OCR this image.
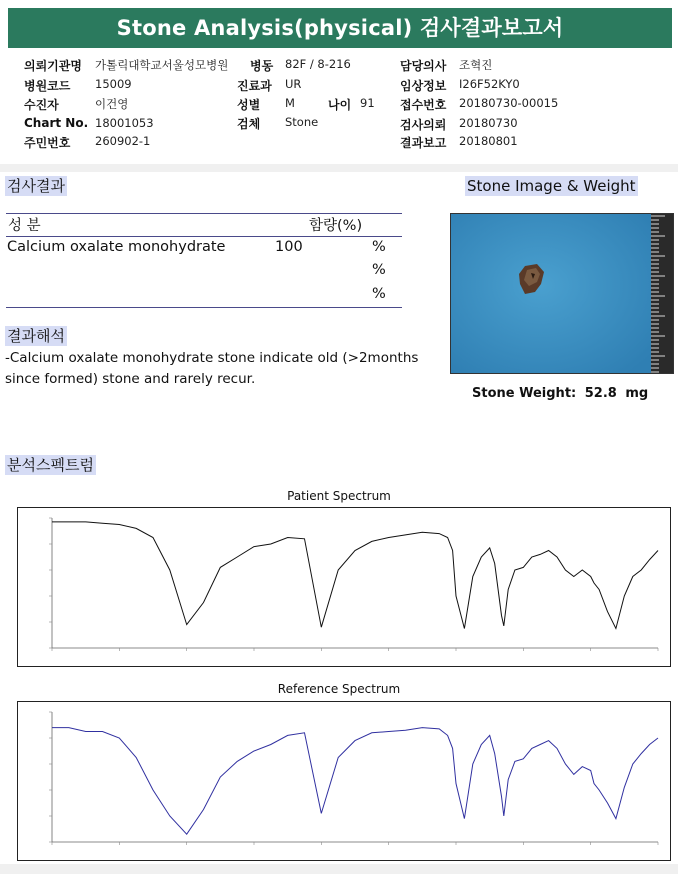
Stone Analysis(physical) 검사결과보고서
의뢰기관명 가톨릭대학교서울성모병원 병동 82F / 8-216	담당의사 조혁진
병원코드 15009	진료과 UR	임상정보 I26F52KY0
수진자	이건영	성별 M	나이 91 접수번호 20180730-00015
Chart No. 18001053	검체 Stone	검사의뢰 20180730
주민번호 260902-1	결과보고 20180801
검사결과	Stone Image & Weight
성 분	함량(%)
Calcium oxalate monohydrate	100	%
%
%
Stone Weight: 52.8 mg
결과해석
-Calcium oxalate monohydrate stone indicate old (>2months since formed) stone and rarely recur.
분석스펙트럼
Patient Spectrum
Reference Spectrum
